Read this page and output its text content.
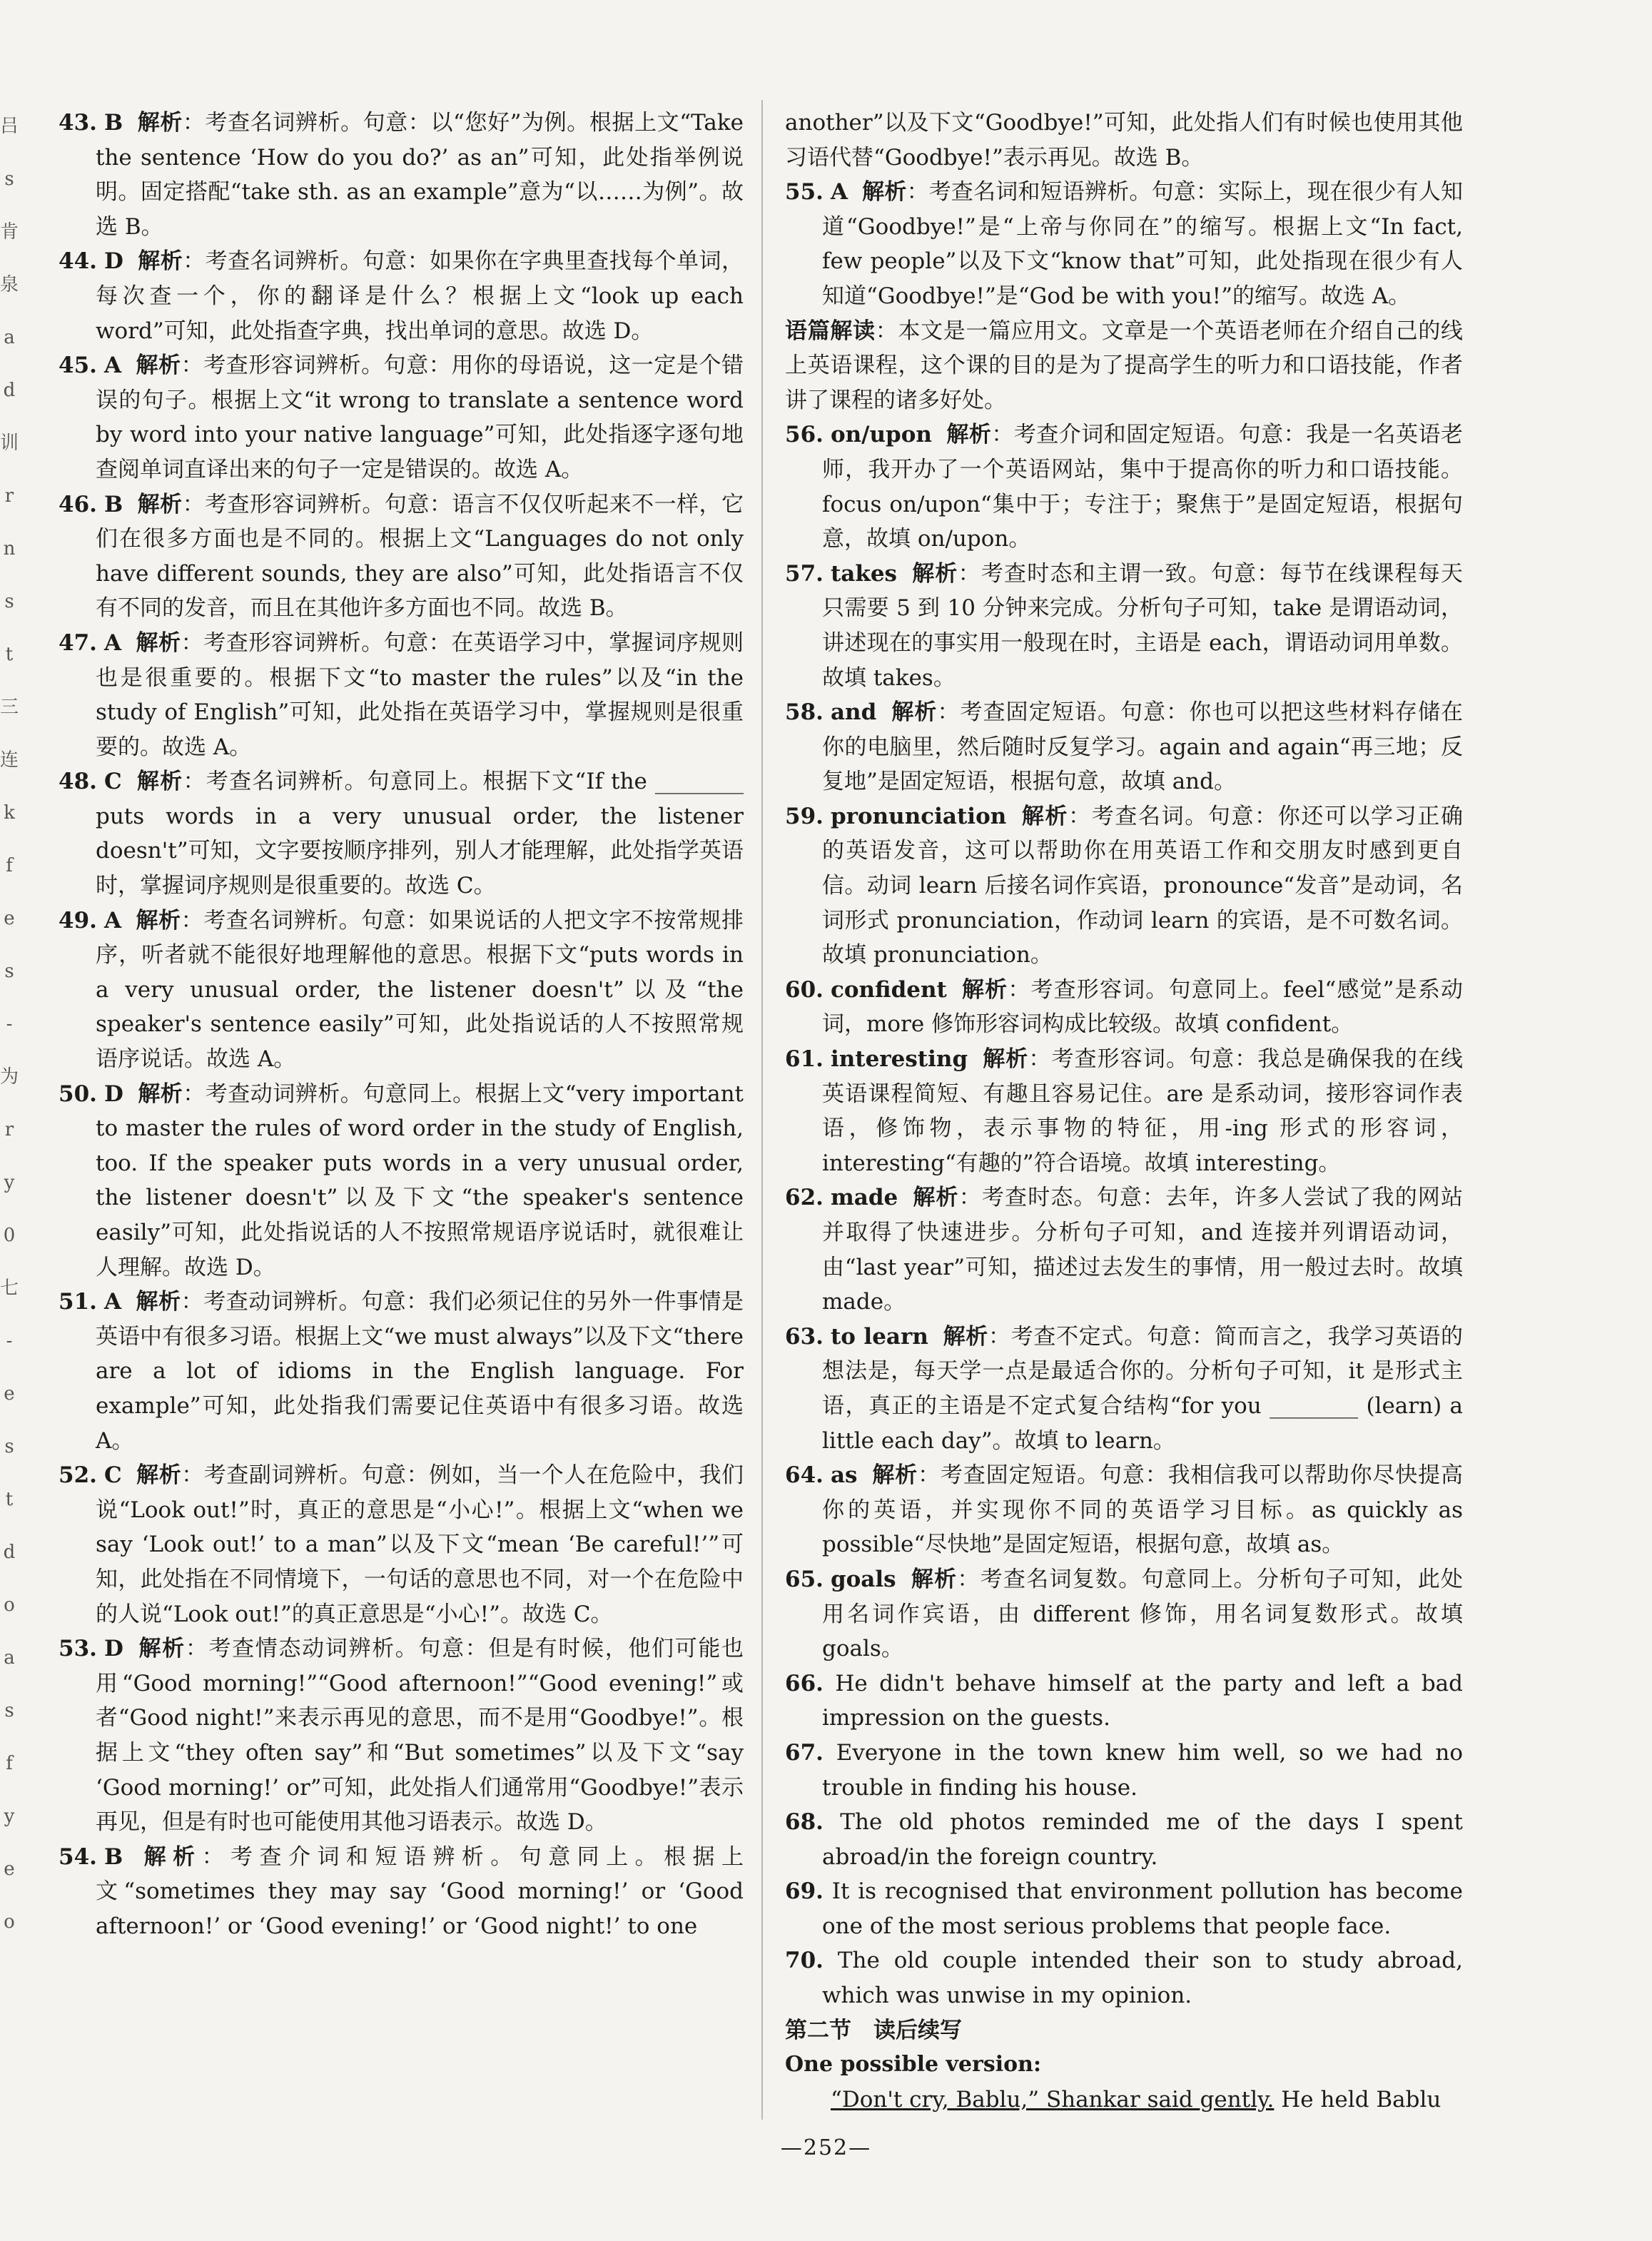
吕
s
肯
泉
a
d
训
r
n
s
t
三
连
k
f
e
s
-
为
r
y
0
七
-
e
s
t
d
o
a
s
f
y
e
o
43. B 解析：考查名词辨析。句意：以“您好”为例。根据上文“Take the sentence ‘How do you do?’ as an”可知，此处指举例说明。固定搭配“take sth. as an example”意为“以……为例”。故选 B。
44. D 解析：考查名词辨析。句意：如果你在字典里查找每个单词，每次查一个，你的翻译是什么？根据上文“look up each word”可知，此处指查字典，找出单词的意思。故选 D。
45. A 解析：考查形容词辨析。句意：用你的母语说，这一定是个错误的句子。根据上文“it wrong to translate a sentence word by word into your native language”可知，此处指逐字逐句地查阅单词直译出来的句子一定是错误的。故选 A。
46. B 解析：考查形容词辨析。句意：语言不仅仅听起来不一样，它们在很多方面也是不同的。根据上文“Languages do not only have different sounds, they are also”可知，此处指语言不仅有不同的发音，而且在其他许多方面也不同。故选 B。
47. A 解析：考查形容词辨析。句意：在英语学习中，掌握词序规则也是很重要的。根据下文“to master the rules”以及“in the study of English”可知，此处指在英语学习中，掌握规则是很重要的。故选 A。
48. C 解析：考查名词辨析。句意同上。根据下文“If the ________ puts words in a very unusual order, the listener doesn't”可知，文字要按顺序排列，别人才能理解，此处指学英语时，掌握词序规则是很重要的。故选 C。
49. A 解析：考查名词辨析。句意：如果说话的人把文字不按常规排序，听者就不能很好地理解他的意思。根据下文“puts words in a very unusual order, the listener doesn't”以及“the speaker's sentence easily”可知，此处指说话的人不按照常规语序说话。故选 A。
50. D 解析：考查动词辨析。句意同上。根据上文“very important to master the rules of word order in the study of English, too. If the speaker puts words in a very unusual order, the listener doesn't”以及下文“the speaker's sentence easily”可知，此处指说话的人不按照常规语序说话时，就很难让人理解。故选 D。
51. A 解析：考查动词辨析。句意：我们必须记住的另外一件事情是英语中有很多习语。根据上文“we must always”以及下文“there are a lot of idioms in the English language. For example”可知，此处指我们需要记住英语中有很多习语。故选 A。
52. C 解析：考查副词辨析。句意：例如，当一个人在危险中，我们说“Look out!”时，真正的意思是“小心!”。根据上文“when we say ‘Look out!’ to a man”以及下文“mean ‘Be careful!’”可知，此处指在不同情境下，一句话的意思也不同，对一个在危险中的人说“Look out!”的真正意思是“小心!”。故选 C。
53. D 解析：考查情态动词辨析。句意：但是有时候，他们可能也用“Good morning!”“Good afternoon!”“Good evening!”或者“Good night!”来表示再见的意思，而不是用“Goodbye!”。根据上文“they often say”和“But sometimes”以及下文“say ‘Good morning!’ or”可知，此处指人们通常用“Goodbye!”表示再见，但是有时也可能使用其他习语表示。故选 D。
54. B 解析：考查介词和短语辨析。句意同上。根据上文“sometimes they may say ‘Good morning!’ or ‘Good afternoon!’ or ‘Good evening!’ or ‘Good night!’ to one
another”以及下文“Goodbye!”可知，此处指人们有时候也使用其他习语代替“Goodbye!”表示再见。故选 B。
55. A 解析：考查名词和短语辨析。句意：实际上，现在很少有人知道“Goodbye!”是“上帝与你同在”的缩写。根据上文“In fact, few people”以及下文“know that”可知，此处指现在很少有人知道“Goodbye!”是“God be with you!”的缩写。故选 A。
语篇解读：本文是一篇应用文。文章是一个英语老师在介绍自己的线上英语课程，这个课的目的是为了提高学生的听力和口语技能，作者讲了课程的诸多好处。
56. on/upon 解析：考查介词和固定短语。句意：我是一名英语老师，我开办了一个英语网站，集中于提高你的听力和口语技能。focus on/upon“集中于；专注于；聚焦于”是固定短语，根据句意，故填 on/upon。
57. takes 解析：考查时态和主谓一致。句意：每节在线课程每天只需要 5 到 10 分钟来完成。分析句子可知，take 是谓语动词，讲述现在的事实用一般现在时，主语是 each，谓语动词用单数。故填 takes。
58. and 解析：考查固定短语。句意：你也可以把这些材料存储在你的电脑里，然后随时反复学习。again and again“再三地；反复地”是固定短语，根据句意，故填 and。
59. pronunciation 解析：考查名词。句意：你还可以学习正确的英语发音，这可以帮助你在用英语工作和交朋友时感到更自信。动词 learn 后接名词作宾语，pronounce“发音”是动词，名词形式 pronunciation，作动词 learn 的宾语，是不可数名词。故填 pronunciation。
60. confident 解析：考查形容词。句意同上。feel“感觉”是系动词，more 修饰形容词构成比较级。故填 confident。
61. interesting 解析：考查形容词。句意：我总是确保我的在线英语课程简短、有趣且容易记住。are 是系动词，接形容词作表语，修饰物，表示事物的特征，用-ing 形式的形容词，interesting“有趣的”符合语境。故填 interesting。
62. made 解析：考查时态。句意：去年，许多人尝试了我的网站并取得了快速进步。分析句子可知，and 连接并列谓语动词，由“last year”可知，描述过去发生的事情，用一般过去时。故填 made。
63. to learn 解析：考查不定式。句意：简而言之，我学习英语的想法是，每天学一点是最适合你的。分析句子可知，it 是形式主语，真正的主语是不定式复合结构“for you ________ (learn) a little each day”。故填 to learn。
64. as 解析：考查固定短语。句意：我相信我可以帮助你尽快提高你的英语，并实现你不同的英语学习目标。as quickly as possible“尽快地”是固定短语，根据句意，故填 as。
65. goals 解析：考查名词复数。句意同上。分析句子可知，此处用名词作宾语，由 different 修饰，用名词复数形式。故填 goals。
66. He didn't behave himself at the party and left a bad impression on the guests.
67. Everyone in the town knew him well, so we had no trouble in finding his house.
68. The old photos reminded me of the days I spent abroad/in the foreign country.
69. It is recognised that environment pollution has become one of the most serious problems that people face.
70. The old couple intended their son to study abroad, which was unwise in my opinion.
第二节　读后续写
One possible version:
“Don't cry, Bablu,” Shankar said gently. He held Bablu
—252—
